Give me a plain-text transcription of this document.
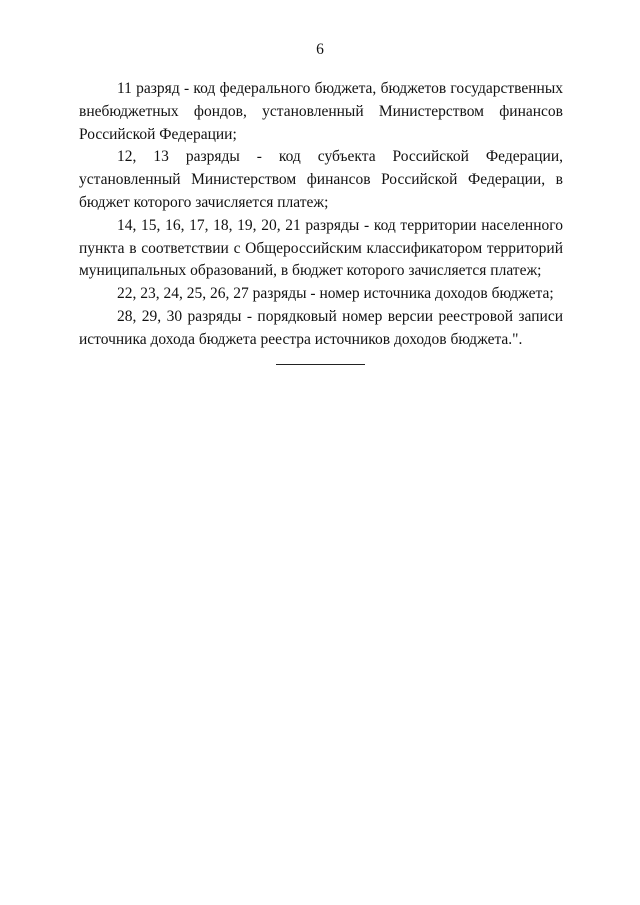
6

11 разряд - код федерального бюджета, бюджетов государственных внебюджетных фондов, установленный Министерством финансов Российской Федерации;

12, 13 разряды - код субъекта Российской Федерации, установленный Министерством финансов Российской Федерации, в бюджет которого зачисляется платеж;

14, 15, 16, 17, 18, 19, 20, 21 разряды - код территории населенного пункта в соответствии с Общероссийским классификатором территорий муниципальных образований, в бюджет которого зачисляется платеж;

22, 23, 24, 25, 26, 27 разряды - номер источника доходов бюджета;

28, 29, 30 разряды - порядковый номер версии реестровой записи источника дохода бюджета реестра источников доходов бюджета.".
